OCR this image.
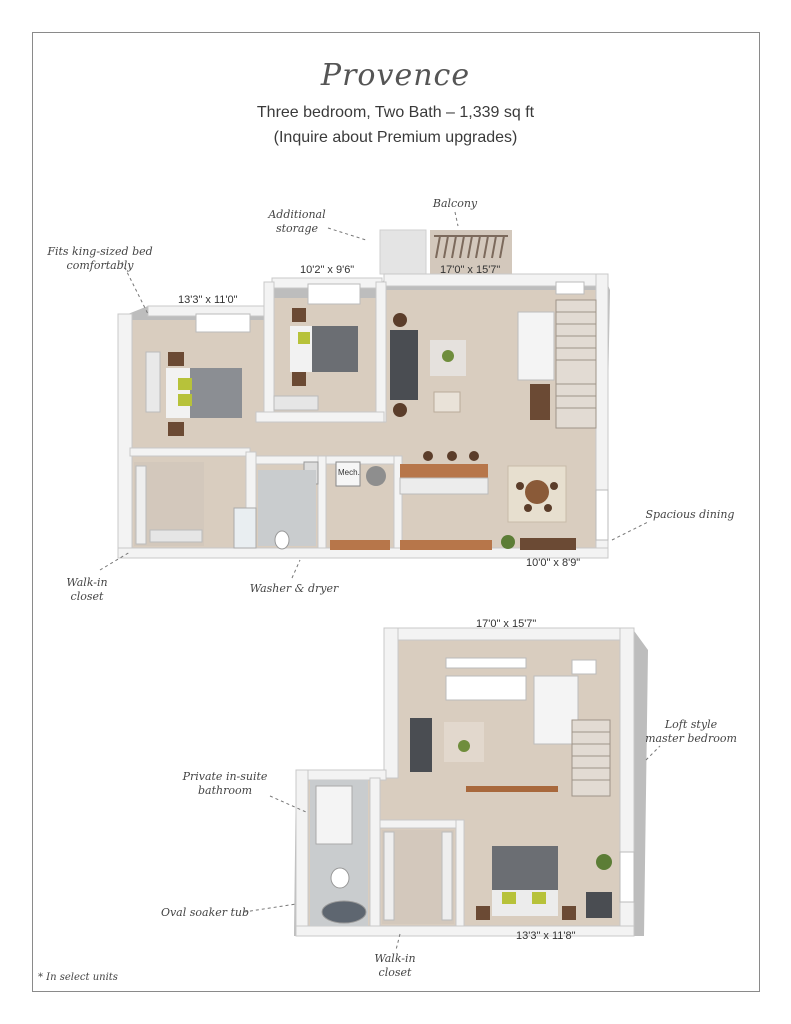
Provence
Three bedroom, Two Bath – 1,339 sq ft
(Inquire about Premium upgrades)
Mech.
13'3" x 11'0"
10'2" x 9'6"	17'0" x 15'7"
10'0" x 8'9"
17'0" x 15'7"
13'3" x 11'8"
Additional
storage
Balcony
Fits king-sized bed
comfortably
Walk-in
closet
Washer & dryer
Spacious dining
Loft style
master bedroom
Private in-suite
bathroom
Oval soaker tub
Walk-in
closet
* In select units
